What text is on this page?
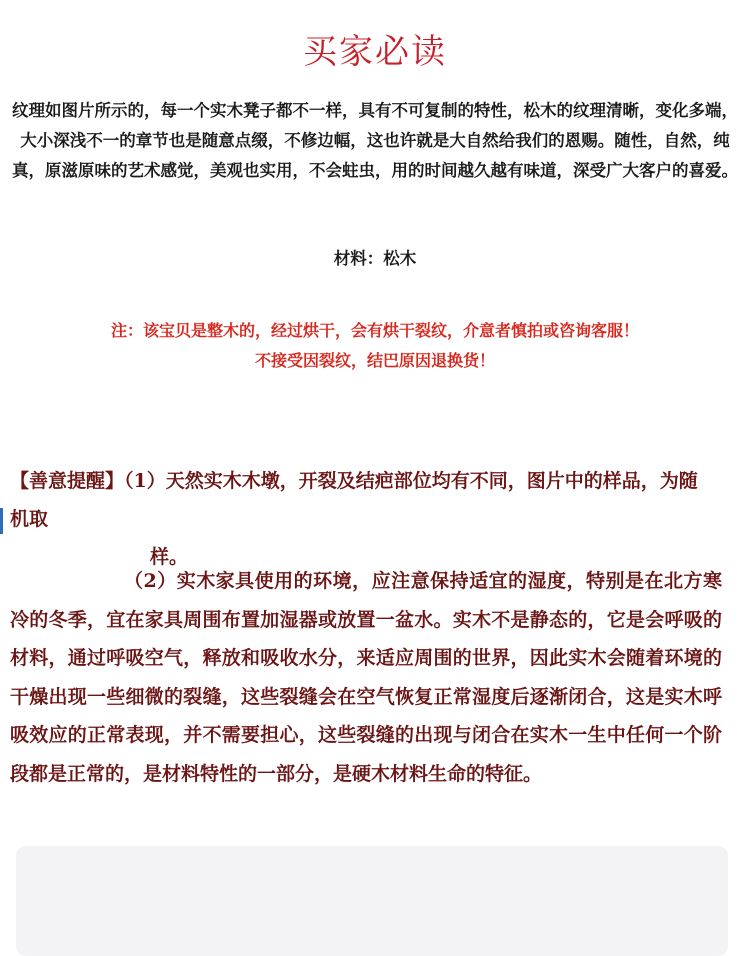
买家必读
纹理如图片所示的，每一个实木凳子都不一样，具有不可复制的特性，松木的纹理清晰，变化多端，大小深浅不一的章节也是随意点缀，不修边幅，这也许就是大自然给我们的恩赐。随性，自然，纯真，原滋原味的艺术感觉，美观也实用，不会蛀虫，用的时间越久越有味道，深受广大客户的喜爱。
材料：松木
注：该宝贝是整木的，经过烘干，会有烘干裂纹，介意者慎拍或咨询客服！
不接受因裂纹，结巴原因退换货！
【善意提醒】（1）天然实木木墩，开裂及结疤部位均有不同，图片中的样品，为随机取
样。
（2）实木家具使用的环境，应注意保持适宜的湿度，特别是在北方寒冷的冬季，宜在家具周围布置加湿器或放置一盆水。实木不是静态的，它是会呼吸的材料，通过呼吸空气，释放和吸收水分，来适应周围的世界，因此实木会随着环境的干燥出现一些细微的裂缝，这些裂缝会在空气恢复正常湿度后逐渐闭合，这是实木呼吸效应的正常表现，并不需要担心，这些裂缝的出现与闭合在实木一生中任何一个阶段都是正常的，是材料特性的一部分，是硬木材料生命的特征。
